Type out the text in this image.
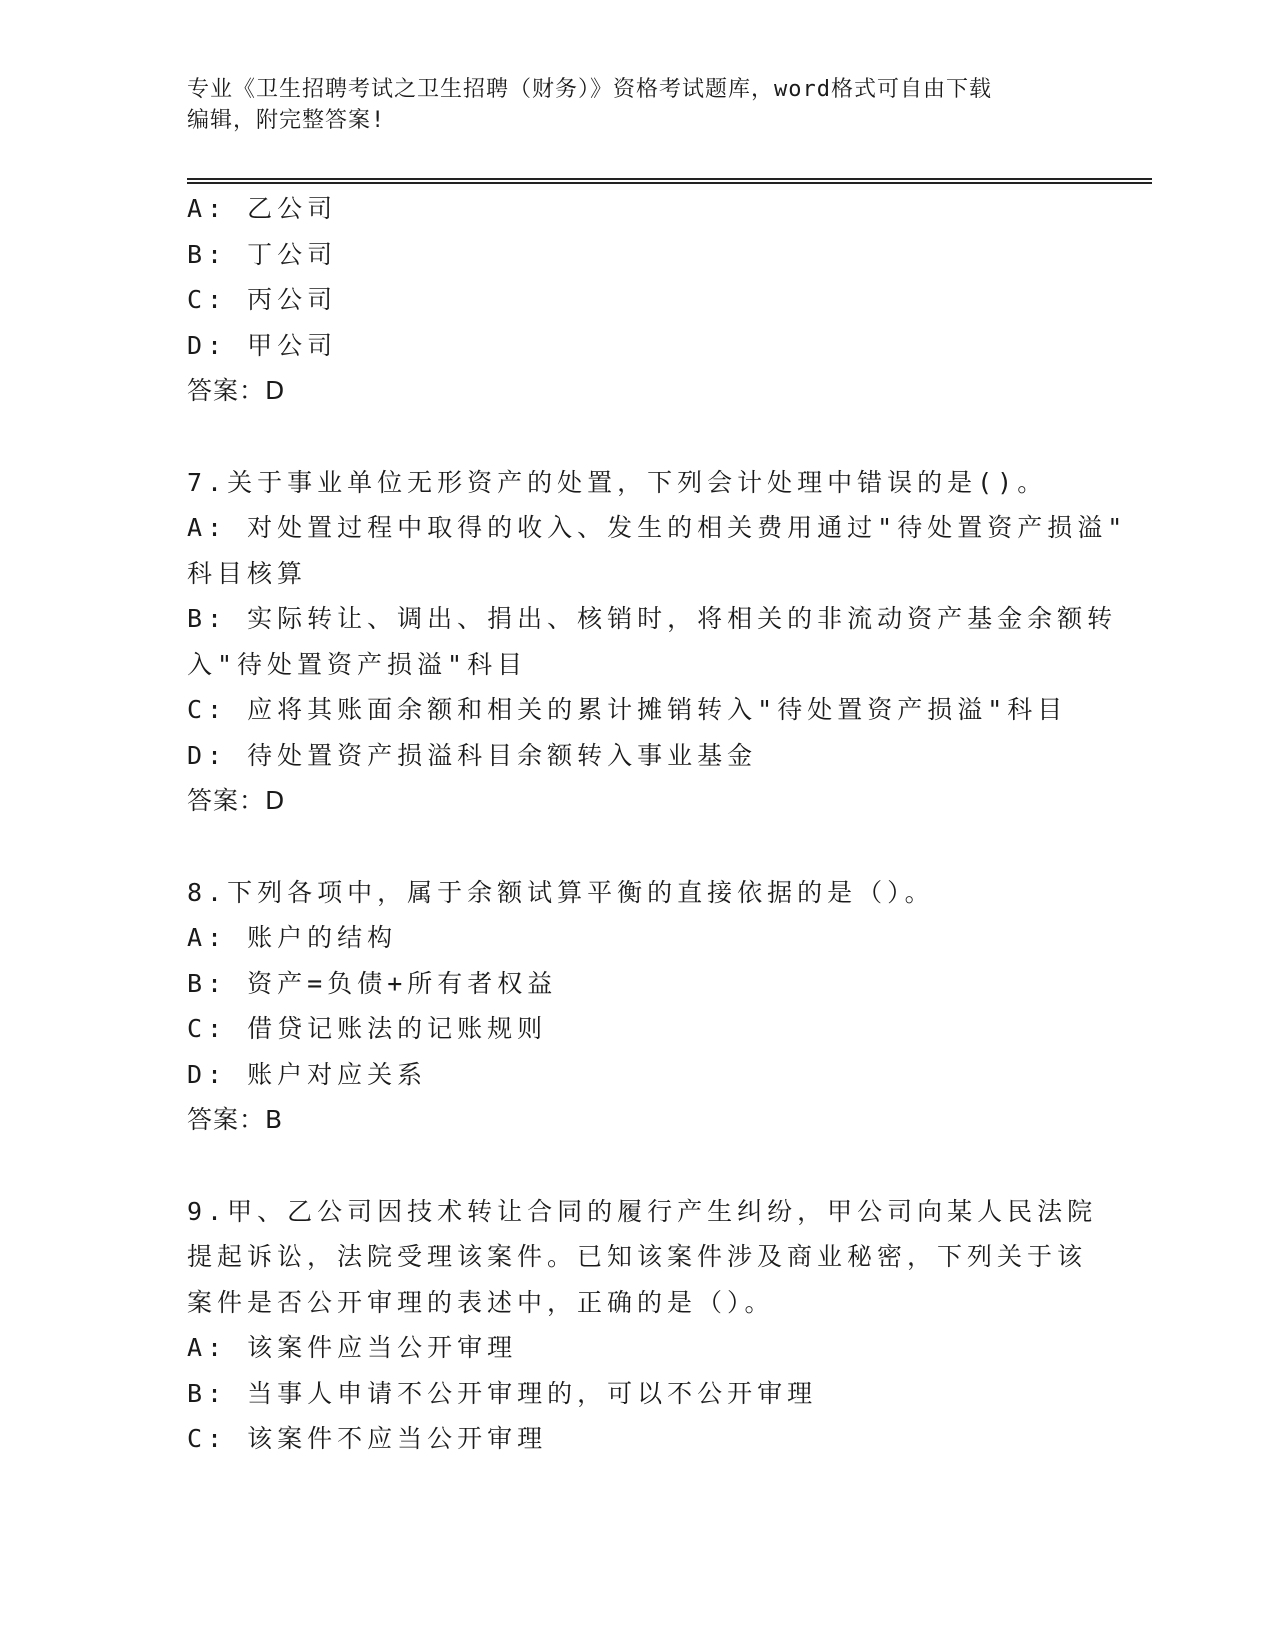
专业《卫生招聘考试之卫生招聘（财务）》资格考试题库，word格式可自由下载
编辑，附完整答案!
A: 乙公司
B: 丁公司
C: 丙公司
D: 甲公司
答案：D
7.关于事业单位无形资产的处置，下列会计处理中错误的是()。
A: 对处置过程中取得的收入、发生的相关费用通过"待处置资产损溢"
科目核算
B: 实际转让、调出、捐出、核销时，将相关的非流动资产基金余额转
入"待处置资产损溢"科目
C: 应将其账面余额和相关的累计摊销转入"待处置资产损溢"科目
D: 待处置资产损溢科目余额转入事业基金
答案：D
8.下列各项中，属于余额试算平衡的直接依据的是（）。
A: 账户的结构
B: 资产=负债+所有者权益
C: 借贷记账法的记账规则
D: 账户对应关系
答案：B
9.甲、乙公司因技术转让合同的履行产生纠纷，甲公司向某人民法院
提起诉讼，法院受理该案件。已知该案件涉及商业秘密，下列关于该
案件是否公开审理的表述中，正确的是（）。
A: 该案件应当公开审理
B: 当事人申请不公开审理的，可以不公开审理
C: 该案件不应当公开审理
